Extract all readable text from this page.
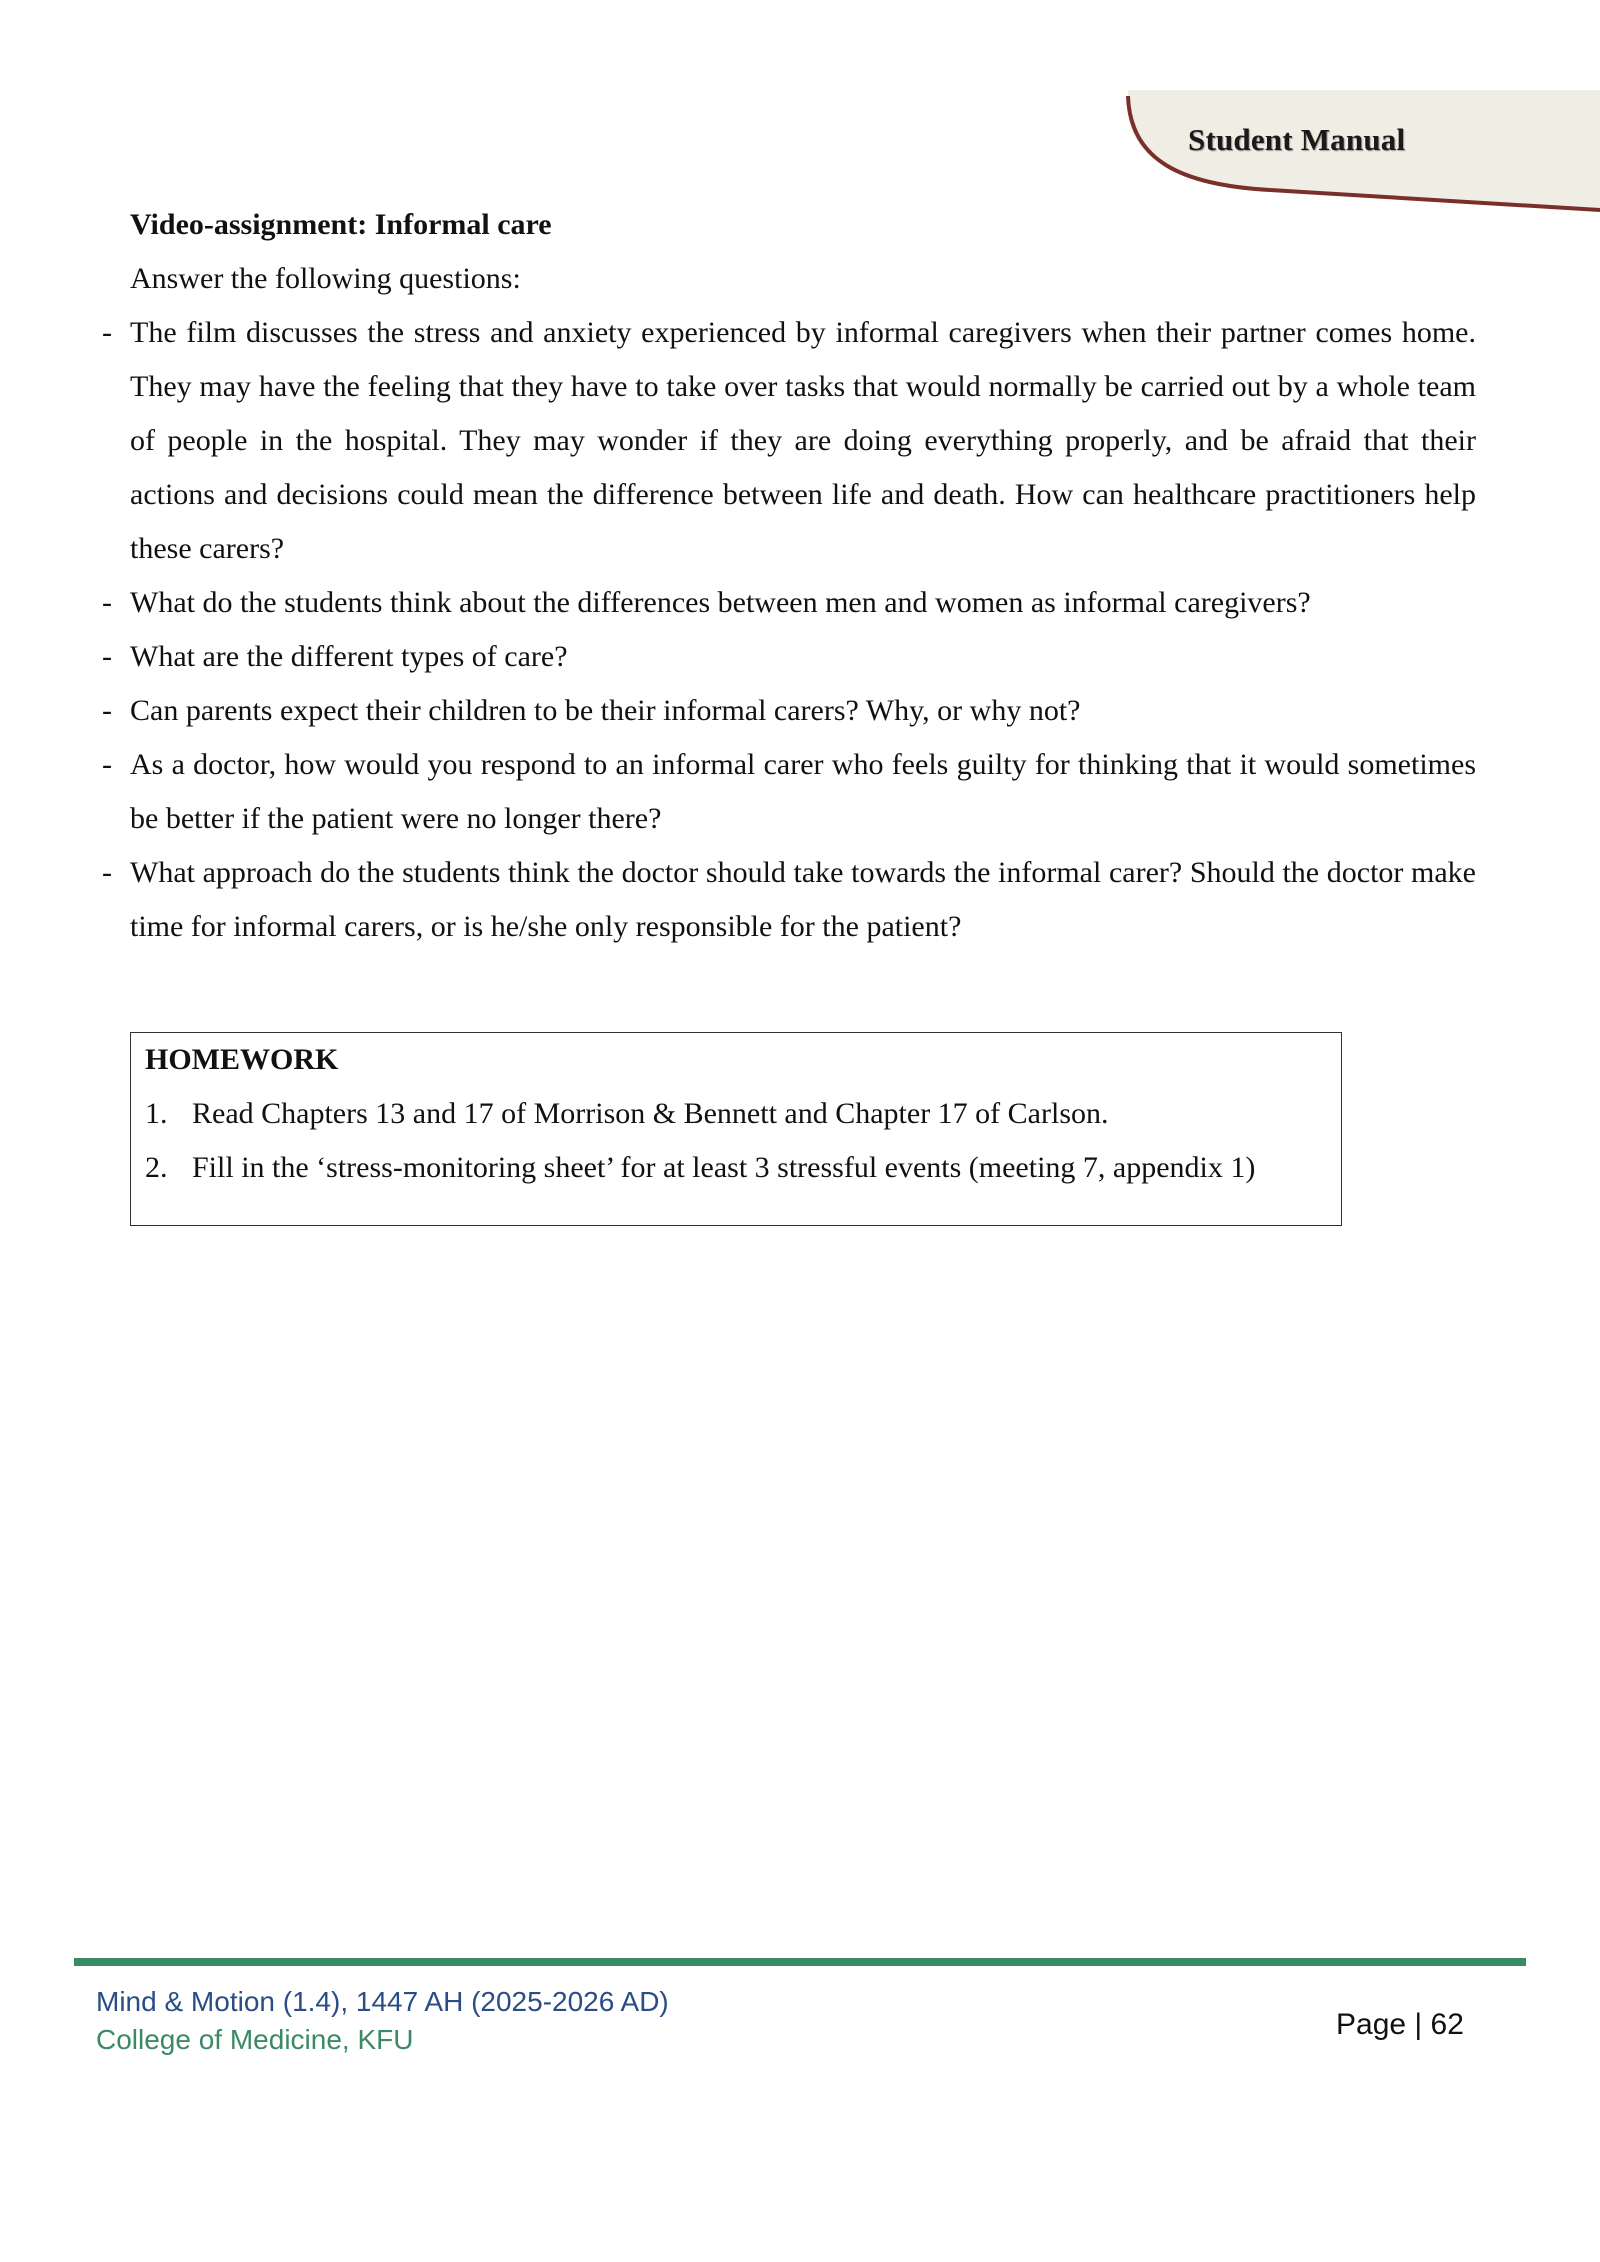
Student Manual
Video-assignment: Informal care
Answer the following questions:
- The film discusses the stress and anxiety experienced by informal caregivers when their partner comes home. They may have the feeling that they have to take over tasks that would normally be carried out by a whole team of people in the hospital. They may wonder if they are doing everything properly, and be afraid that their actions and decisions could mean the difference between life and death. How can healthcare practitioners help these carers?
- What do the students think about the differences between men and women as informal caregivers?
- What are the different types of care?
- Can parents expect their children to be their informal carers? Why, or why not?
- As a doctor, how would you respond to an informal carer who feels guilty for thinking that it would sometimes be better if the patient were no longer there?
- What approach do the students think the doctor should take towards the informal carer? Should the doctor make time for informal carers, or is he/she only responsible for the patient?
HOMEWORK
1. Read Chapters 13 and 17 of Morrison & Bennett and Chapter 17 of Carlson.
2. Fill in the ‘stress-monitoring sheet’ for at least 3 stressful events (meeting 7, appendix 1)
Mind & Motion (1.4), 1447 AH (2025-2026 AD)
College of Medicine, KFU	Page | 62
